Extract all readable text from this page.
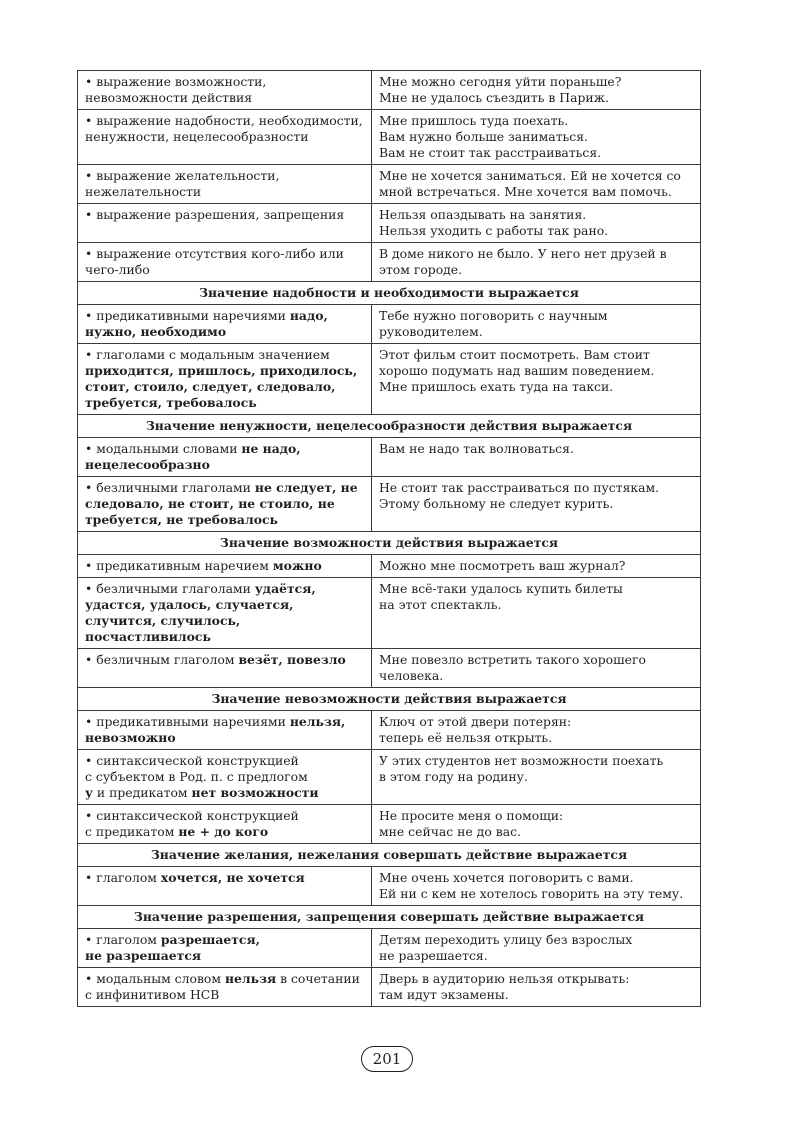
• выражение возможности, невозможности действия	Мне можно сегодня уйти пораньше?
Мне не удалось съездить в Париж.
• выражение надобности, необходимости, ненужности, нецелесообразности	Мне пришлось туда поехать.
Вам нужно больше заниматься.
Вам не стоит так расстраиваться.
• выражение желательности, нежелательности	Мне не хочется заниматься. Ей не хочется со мной встречаться. Мне хочется вам помочь.
• выражение разрешения, запрещения	Нельзя опаздывать на занятия.
Нельзя уходить с работы так рано.
• выражение отсутствия кого-либо или чего-либо	В доме никого не было. У него нет друзей в этом городе.
Значение надобности и необходимости выражается	
• предикативными наречиями надо, нужно, необходимо	Тебе нужно поговорить с научным руководителем.
• глаголами с модальным значением приходится, пришлось, приходилось, стоит, стоило, следует, следовало, требуется, требовалось	Этот фильм стоит посмотреть. Вам стоит хорошо подумать над вашим поведением.
Мне пришлось ехать туда на такси.
Значение ненужности, нецелесообразности действия выражается	
• модальными словами не надо, нецелесообразно	Вам не надо так волноваться.
• безличными глаголами не следует, не следовало, не стоит, не стоило, не требуется, не требовалось	Не стоит так расстраиваться по пустякам.
Этому больному не следует курить.
Значение возможности действия выражается	
• предикативным наречием можно	Можно мне посмотреть ваш журнал?
• безличными глаголами удаётся, удастся, удалось, случается, случится, случилось, посчастливилось	Мне всё-таки удалось купить билеты
на этот спектакль.
• безличным глаголом везёт, повезло	Мне повезло встретить такого хорошего человека.
Значение невозможности действия выражается	
• предикативными наречиями нельзя, невозможно	Ключ от этой двери потерян:
теперь её нельзя открыть.
• синтаксической конструкцией
с субъектом в Род. п. с предлогом
у и предикатом нет возможности	У этих студентов нет возможности поехать
в этом году на родину.
• синтаксической конструкцией
с предикатом не + до кого	Не просите меня о помощи:
мне сейчас не до вас.
Значение желания, нежелания совершать действие выражается	
• глаголом хочется, не хочется	Мне очень хочется поговорить с вами.
Ей ни с кем не хотелось говорить на эту тему.
Значение разрешения, запрещения совершать действие выражается	
• глаголом разрешается,
не разрешается	Детям переходить улицу без взрослых
не разрешается.
• модальным словом нельзя в сочетании с инфинитивом НСВ	Дверь в аудиторию нельзя открывать:
там идут экзамены.
201
